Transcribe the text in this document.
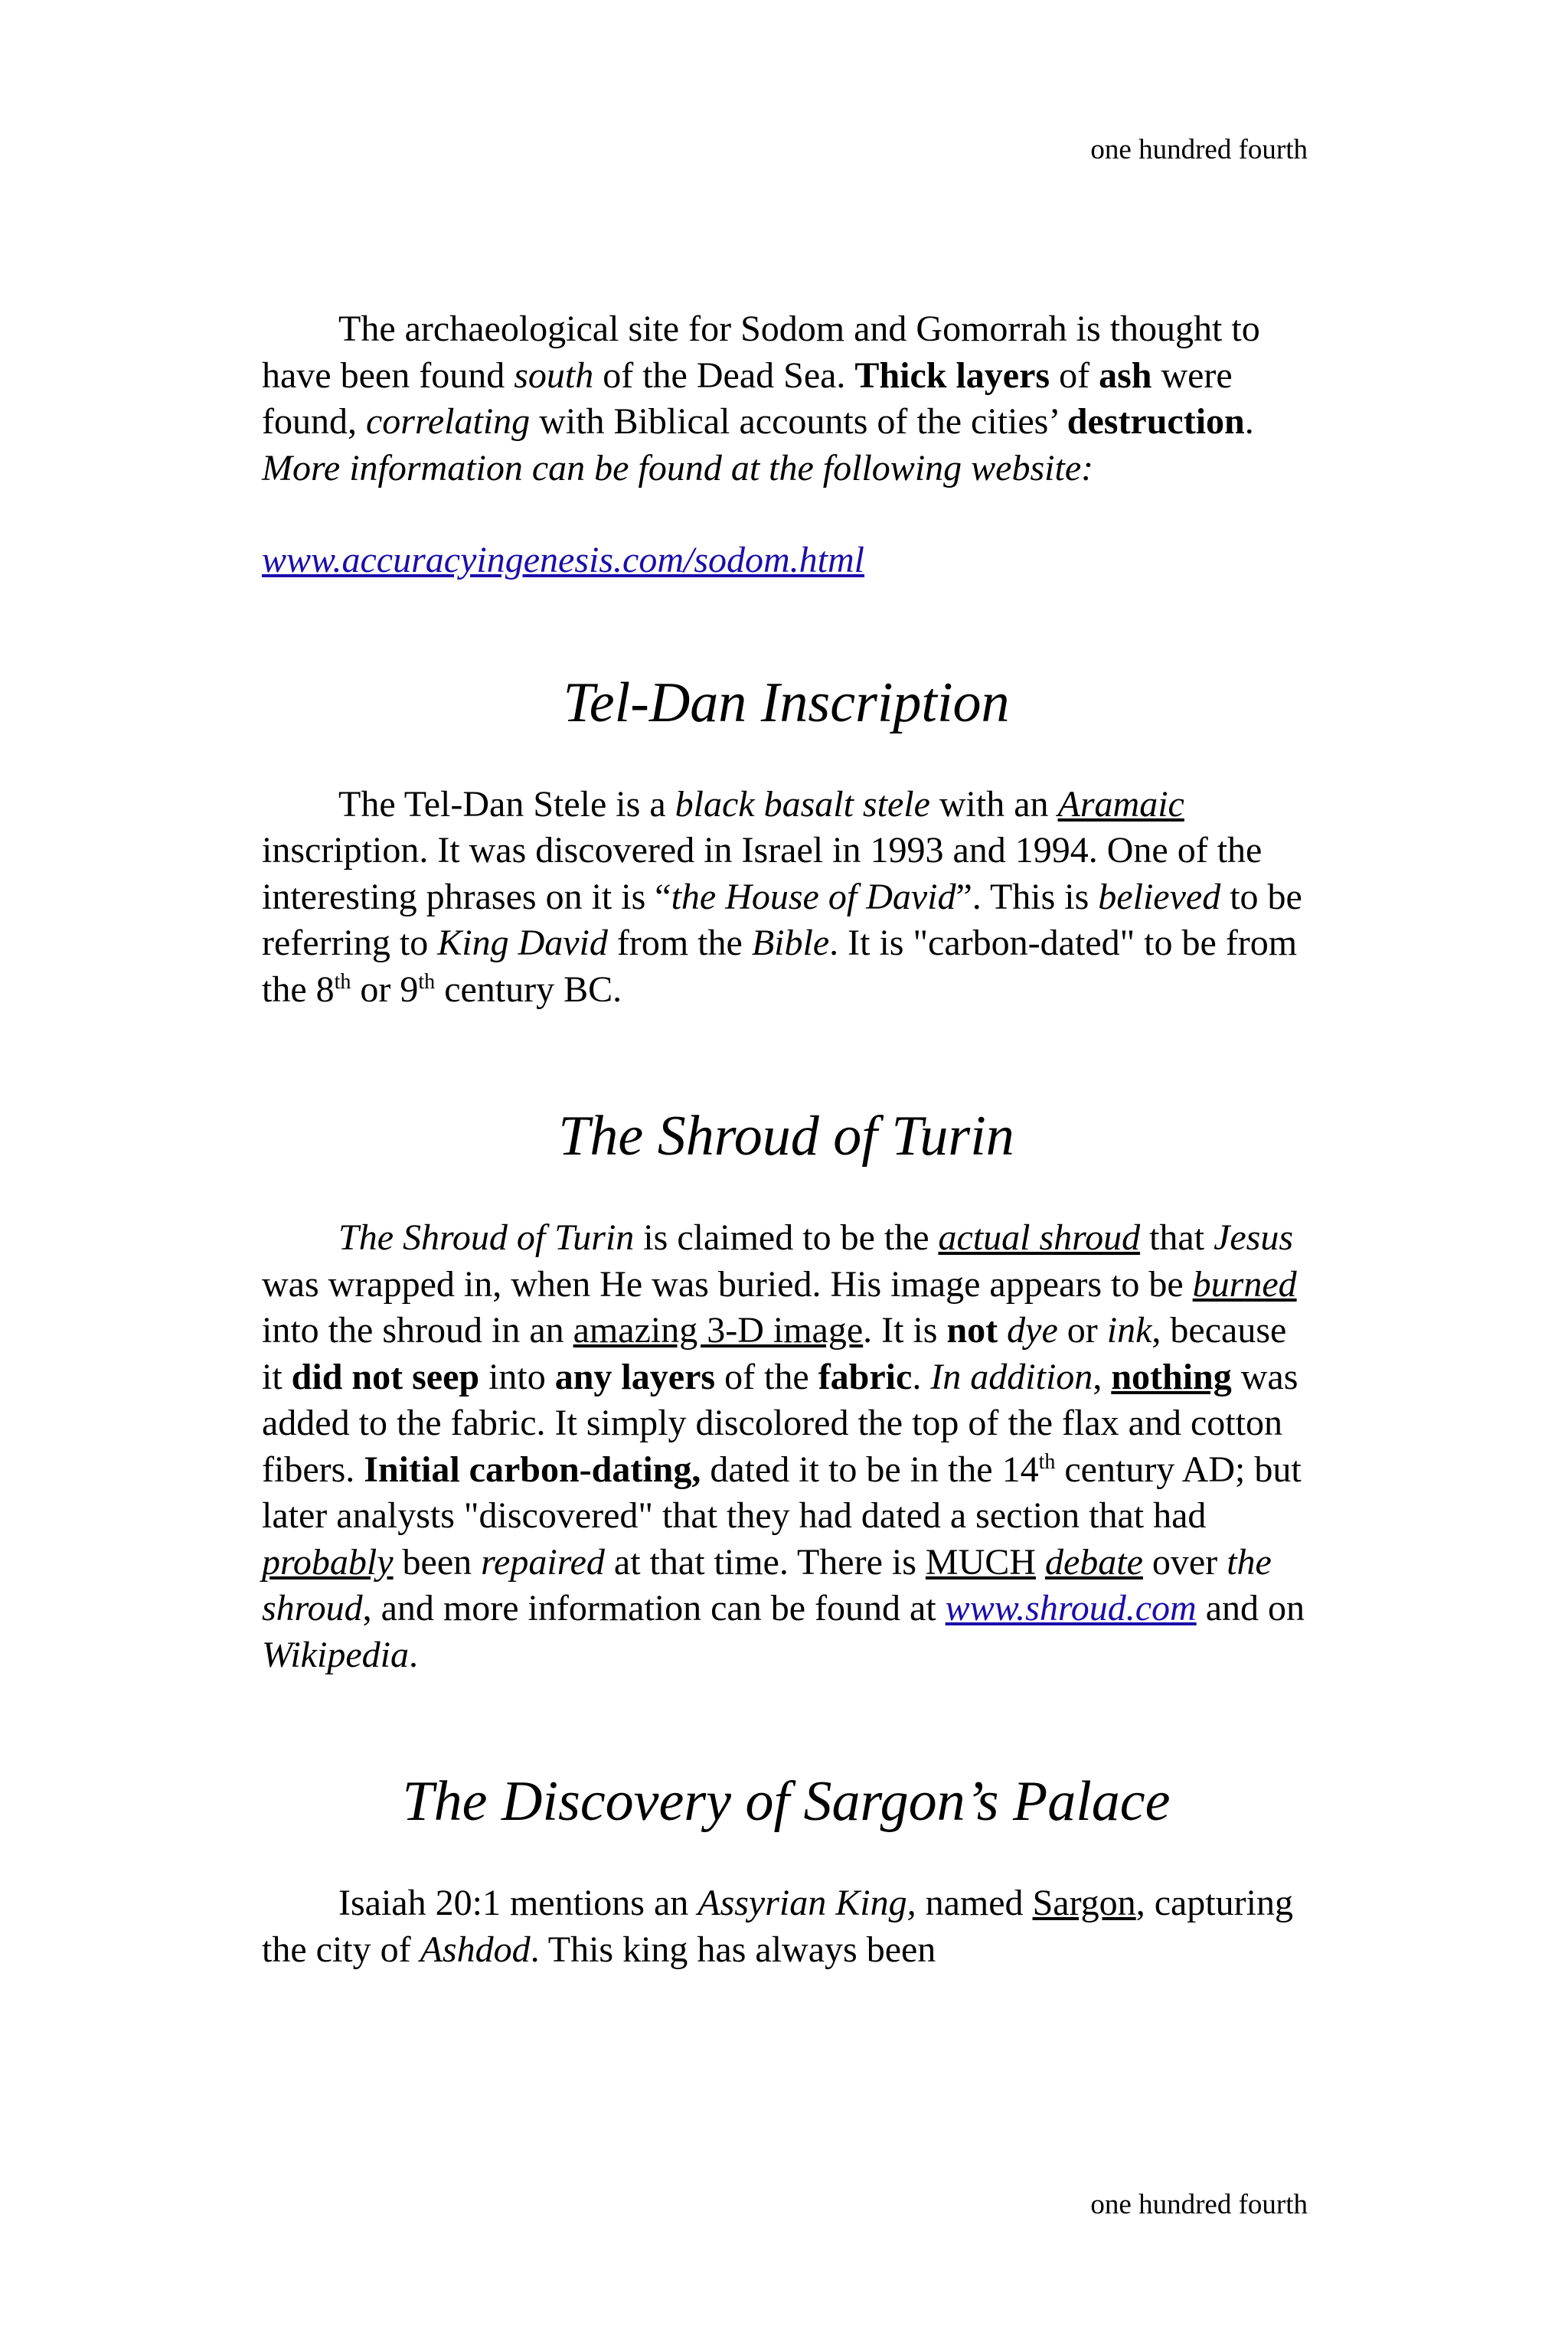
one hundred fourth

The archaeological site for Sodom and Gomorrah is thought to have been found south of the Dead Sea. Thick layers of ash were found, correlating with Biblical accounts of the cities’ destruction. More information can be found at the following website:

www.accuracyingenesis.com/sodom.html

Tel-Dan Inscription

The Tel-Dan Stele is a black basalt stele with an Aramaic inscription. It was discovered in Israel in 1993 and 1994. One of the interesting phrases on it is “the House of David”. This is believed to be referring to King David from the Bible. It is "carbon-dated" to be from the 8th or 9th century BC.

The Shroud of Turin

The Shroud of Turin is claimed to be the actual shroud that Jesus was wrapped in, when He was buried. His image appears to be burned into the shroud in an amazing 3-D image. It is not dye or ink, because it did not seep into any layers of the fabric. In addition, nothing was added to the fabric. It simply discolored the top of the flax and cotton fibers. Initial carbon-dating, dated it to be in the 14th century AD; but later analysts "discovered" that they had dated a section that had probably been repaired at that time. There is MUCH debate over the shroud, and more information can be found at www.shroud.com and on Wikipedia.

The Discovery of Sargon’s Palace

Isaiah 20:1 mentions an Assyrian King, named Sargon, capturing the city of Ashdod. This king has always been

one hundred fourth
